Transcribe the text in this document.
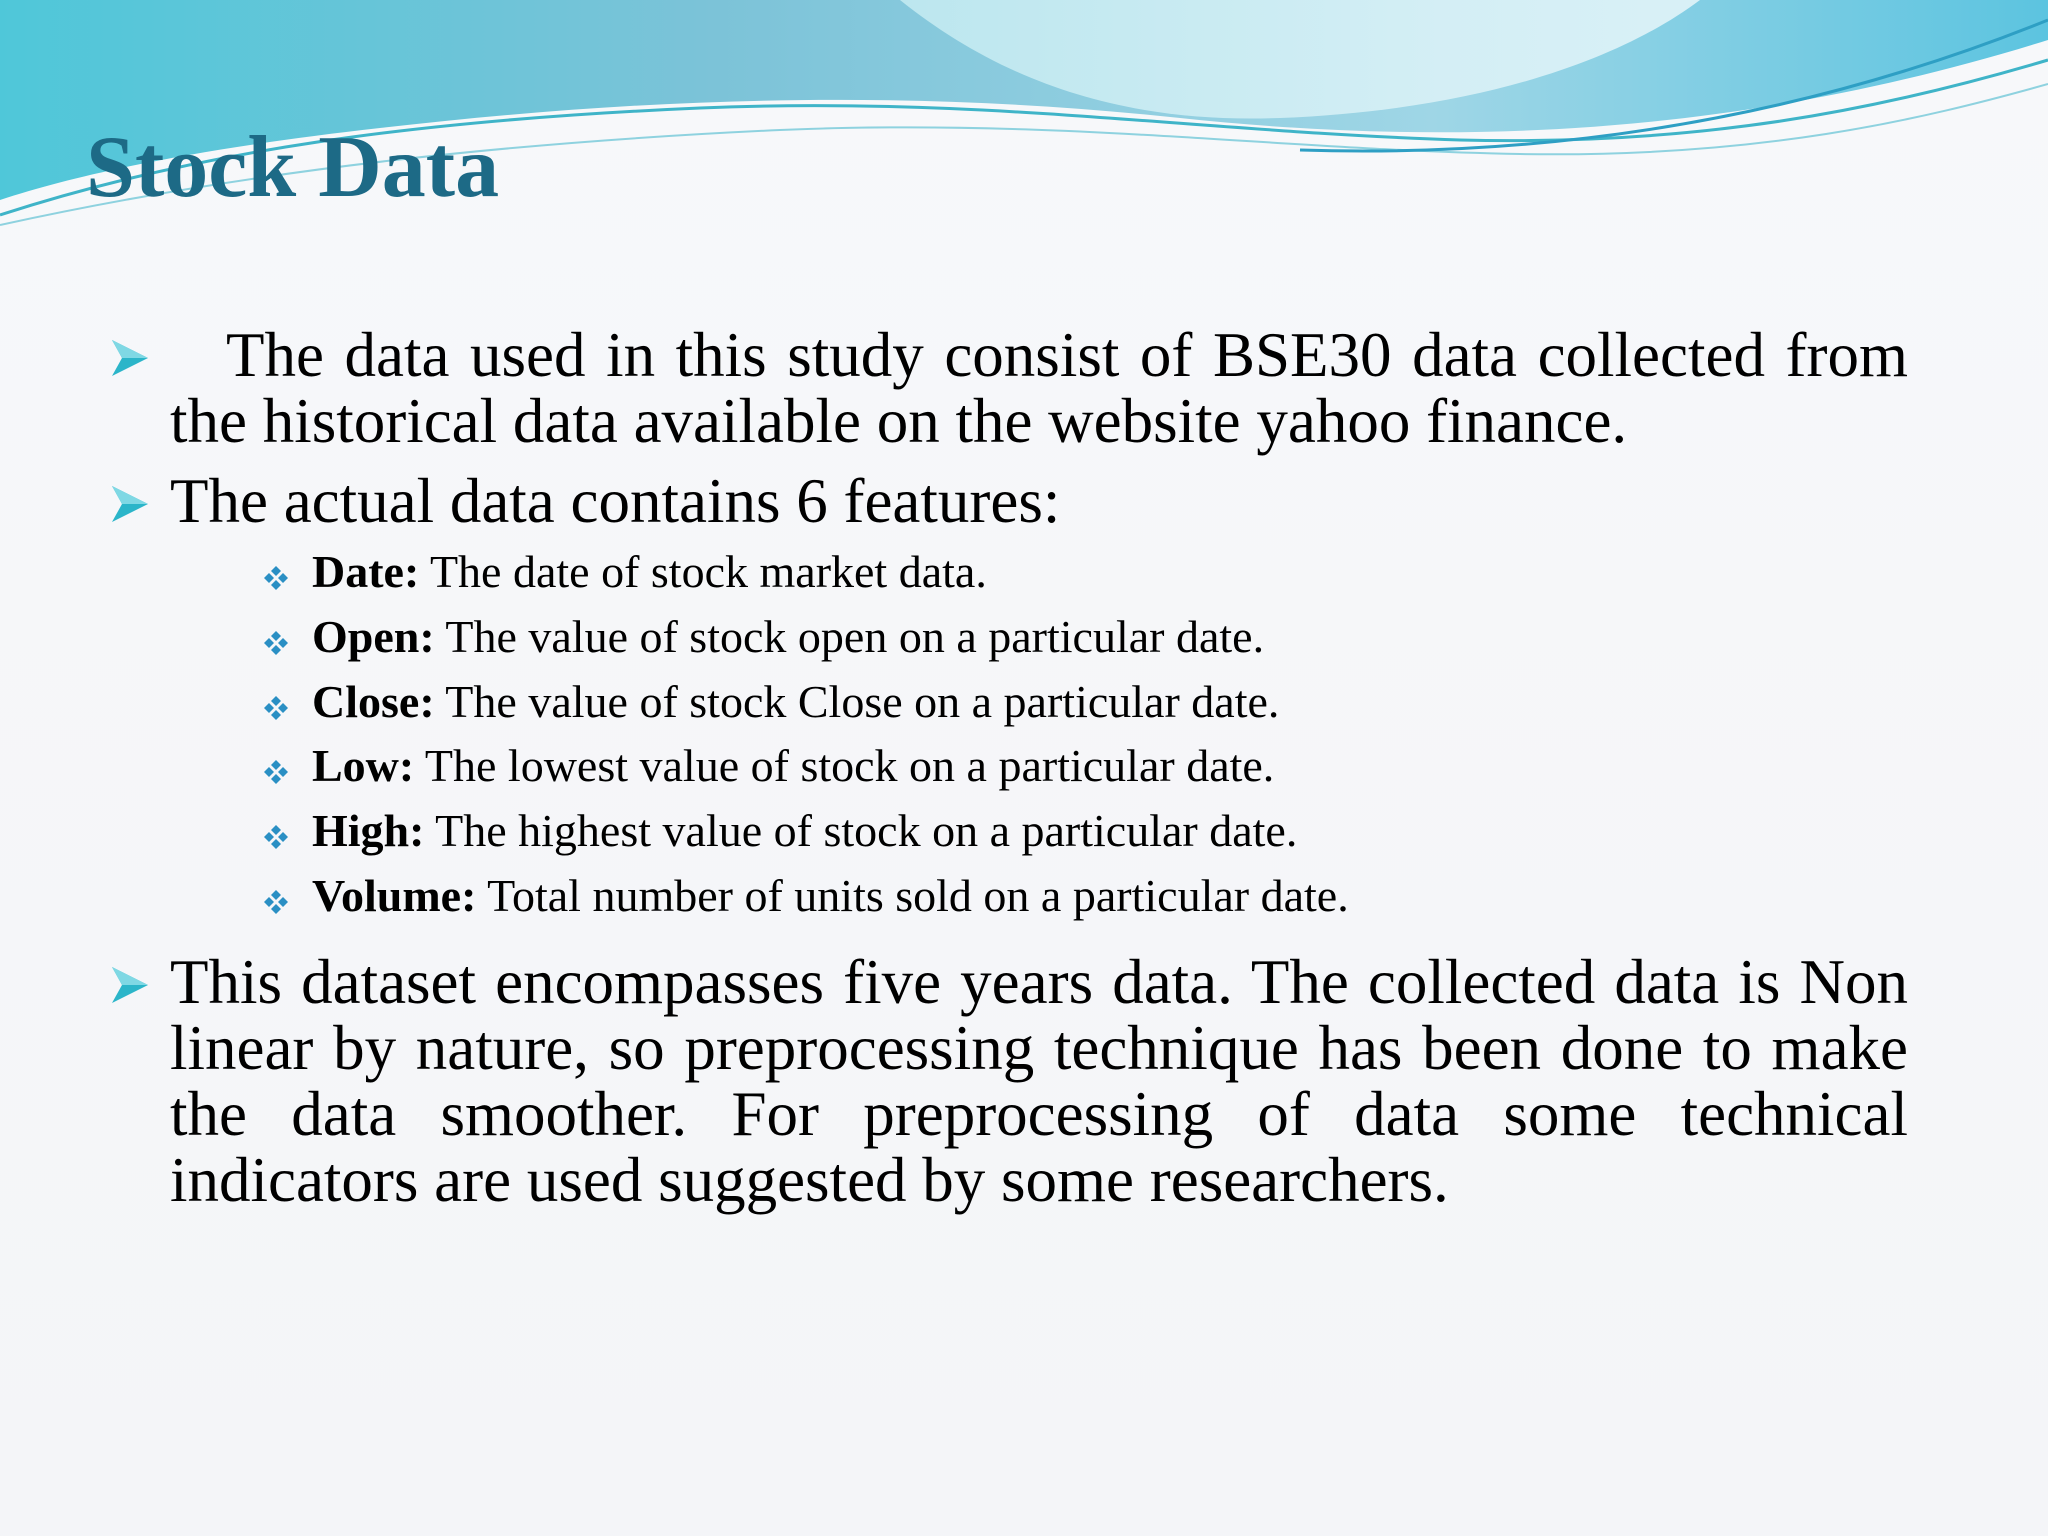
Stock Data
The data used in this study consist of BSE30 data collected from the historical data available on the website yahoo finance.
The actual data contains 6 features:
Date: The date of stock market data.
Open: The value of stock open on a particular date.
Close: The value of stock Close on a particular date.
Low: The lowest value of stock on a particular date.
High: The highest value of stock on a particular date.
Volume: Total number of units sold on a particular date.
This dataset encompasses five years data. The collected data is Non linear by nature, so preprocessing technique has been done to make the data smoother. For preprocessing of data some technical indicators are used suggested by some researchers.
